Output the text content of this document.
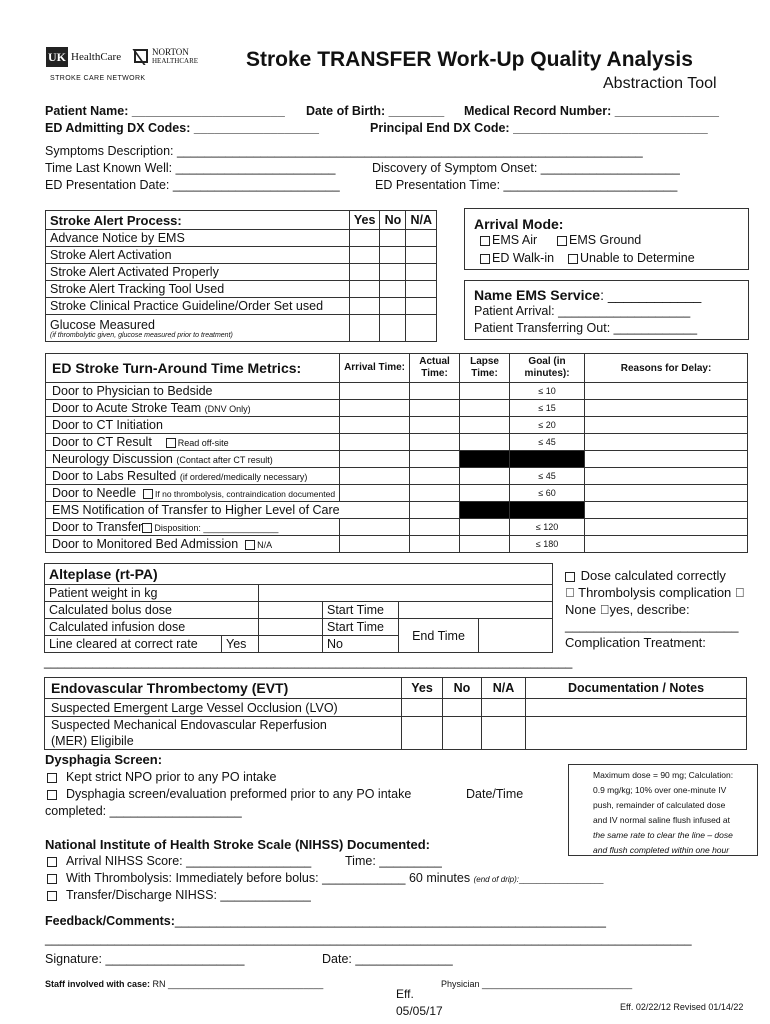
UK HealthCare	NORTON
HEALTHCARE
STROKE CARE NETWORK
Stroke TRANSFER Work-Up Quality Analysis
Abstraction Tool
Patient Name: ______________________ Date of Birth: ________ Medical Record Number: _______________
ED Admitting DX Codes: __________________	Principal End DX Code: ____________________________
Symptoms Description: ___________________________________________________________________
Time Last Known Well: _______________________	Discovery of Symptom Onset: ____________________
ED Presentation Date: ________________________	ED Presentation Time: _________________________
Stroke Alert Process:	Yes	No	N/A
Advance Notice by EMS			
Stroke Alert Activation			
Stroke Alert Activated Properly			
Stroke Alert Tracking Tool Used			
Stroke Clinical Practice Guideline/Order Set used			

Glucose Measured
(if thrombolytic given, glucose measured prior to treatment)			

Arrival Mode:
EMS Air	EMS Ground
ED Walk-in	Unable to Determine
Name EMS Service: ____________
Patient Arrival: ___________________
Patient Transferring Out: ____________
ED Stroke Turn-Around Time Metrics:	Arrival Time:	Actual Time:	Lapse Time:	Goal (in minutes):	Reasons for Delay:
Door to Physician to Bedside				≤ 10	
Door to Acute Stroke Team (DNV Only)				≤ 15	
Door to CT Initiation				≤ 20	
Door to CT Result Read off-site				≤ 45	
Neurology Discussion (Contact after CT result)					
Door to Labs Resulted (if ordered/medically necessary)				≤ 45	
Door to Needle If no thrombolysis, contraindication documented				≤ 60	
EMS Notification of Transfer to Higher Level of Care					
Door to Transfer Disposition: _______________				≤ 120	
Door to Monitored Bed Admission N/A				≤ 180	
Alteplase (rt-PA)					
Patient weight in kg					
Calculated bolus dose			Start Time		
Calculated infusion dose			Start Time	End Time	
Line cleared at correct rate	Yes		No		
Dose calculated correctly
  Thrombolysis complication  
None  yes, describe:
________________________
Complication Treatment:
____________________________________________________________________________
Endovascular Thrombectomy (EVT)	Yes	No	N/A	Documentation / Notes
Suspected Emergent Large Vessel Occlusion (LVO)				

Suspected Mechanical Endovascular Reperfusion
(MER) Eligibile				

Dysphagia Screen:
Kept strict NPO prior to any PO intake
Dysphagia screen/evaluation preformed prior to any PO intake	Date/Time
completed: ___________________
Maximum dose = 90 mg; Calculation:
0.9 mg/kg; 10% over one-minute IV
push, remainder of calculated dose
and IV normal saline flush infused at
the same rate to clear the line – dose
and flush completed within one hour
National Institute of Health Stroke Scale (NIHSS) Documented:
Arrival NIHSS Score: __________________	Time: _________
With Thrombolysis: Immediately before bolus: ____________ 60 minutes (end of drip):___________________
Transfer/Discharge NIHSS: _____________
Feedback/Comments:______________________________________________________________
_____________________________________________________________________________________________
Signature: ____________________	Date: ______________
Staff involved with case: RN _______________________________	Physician ______________________________
Eff.
05/05/17	Eff. 02/22/12 Revised 01/14/22
